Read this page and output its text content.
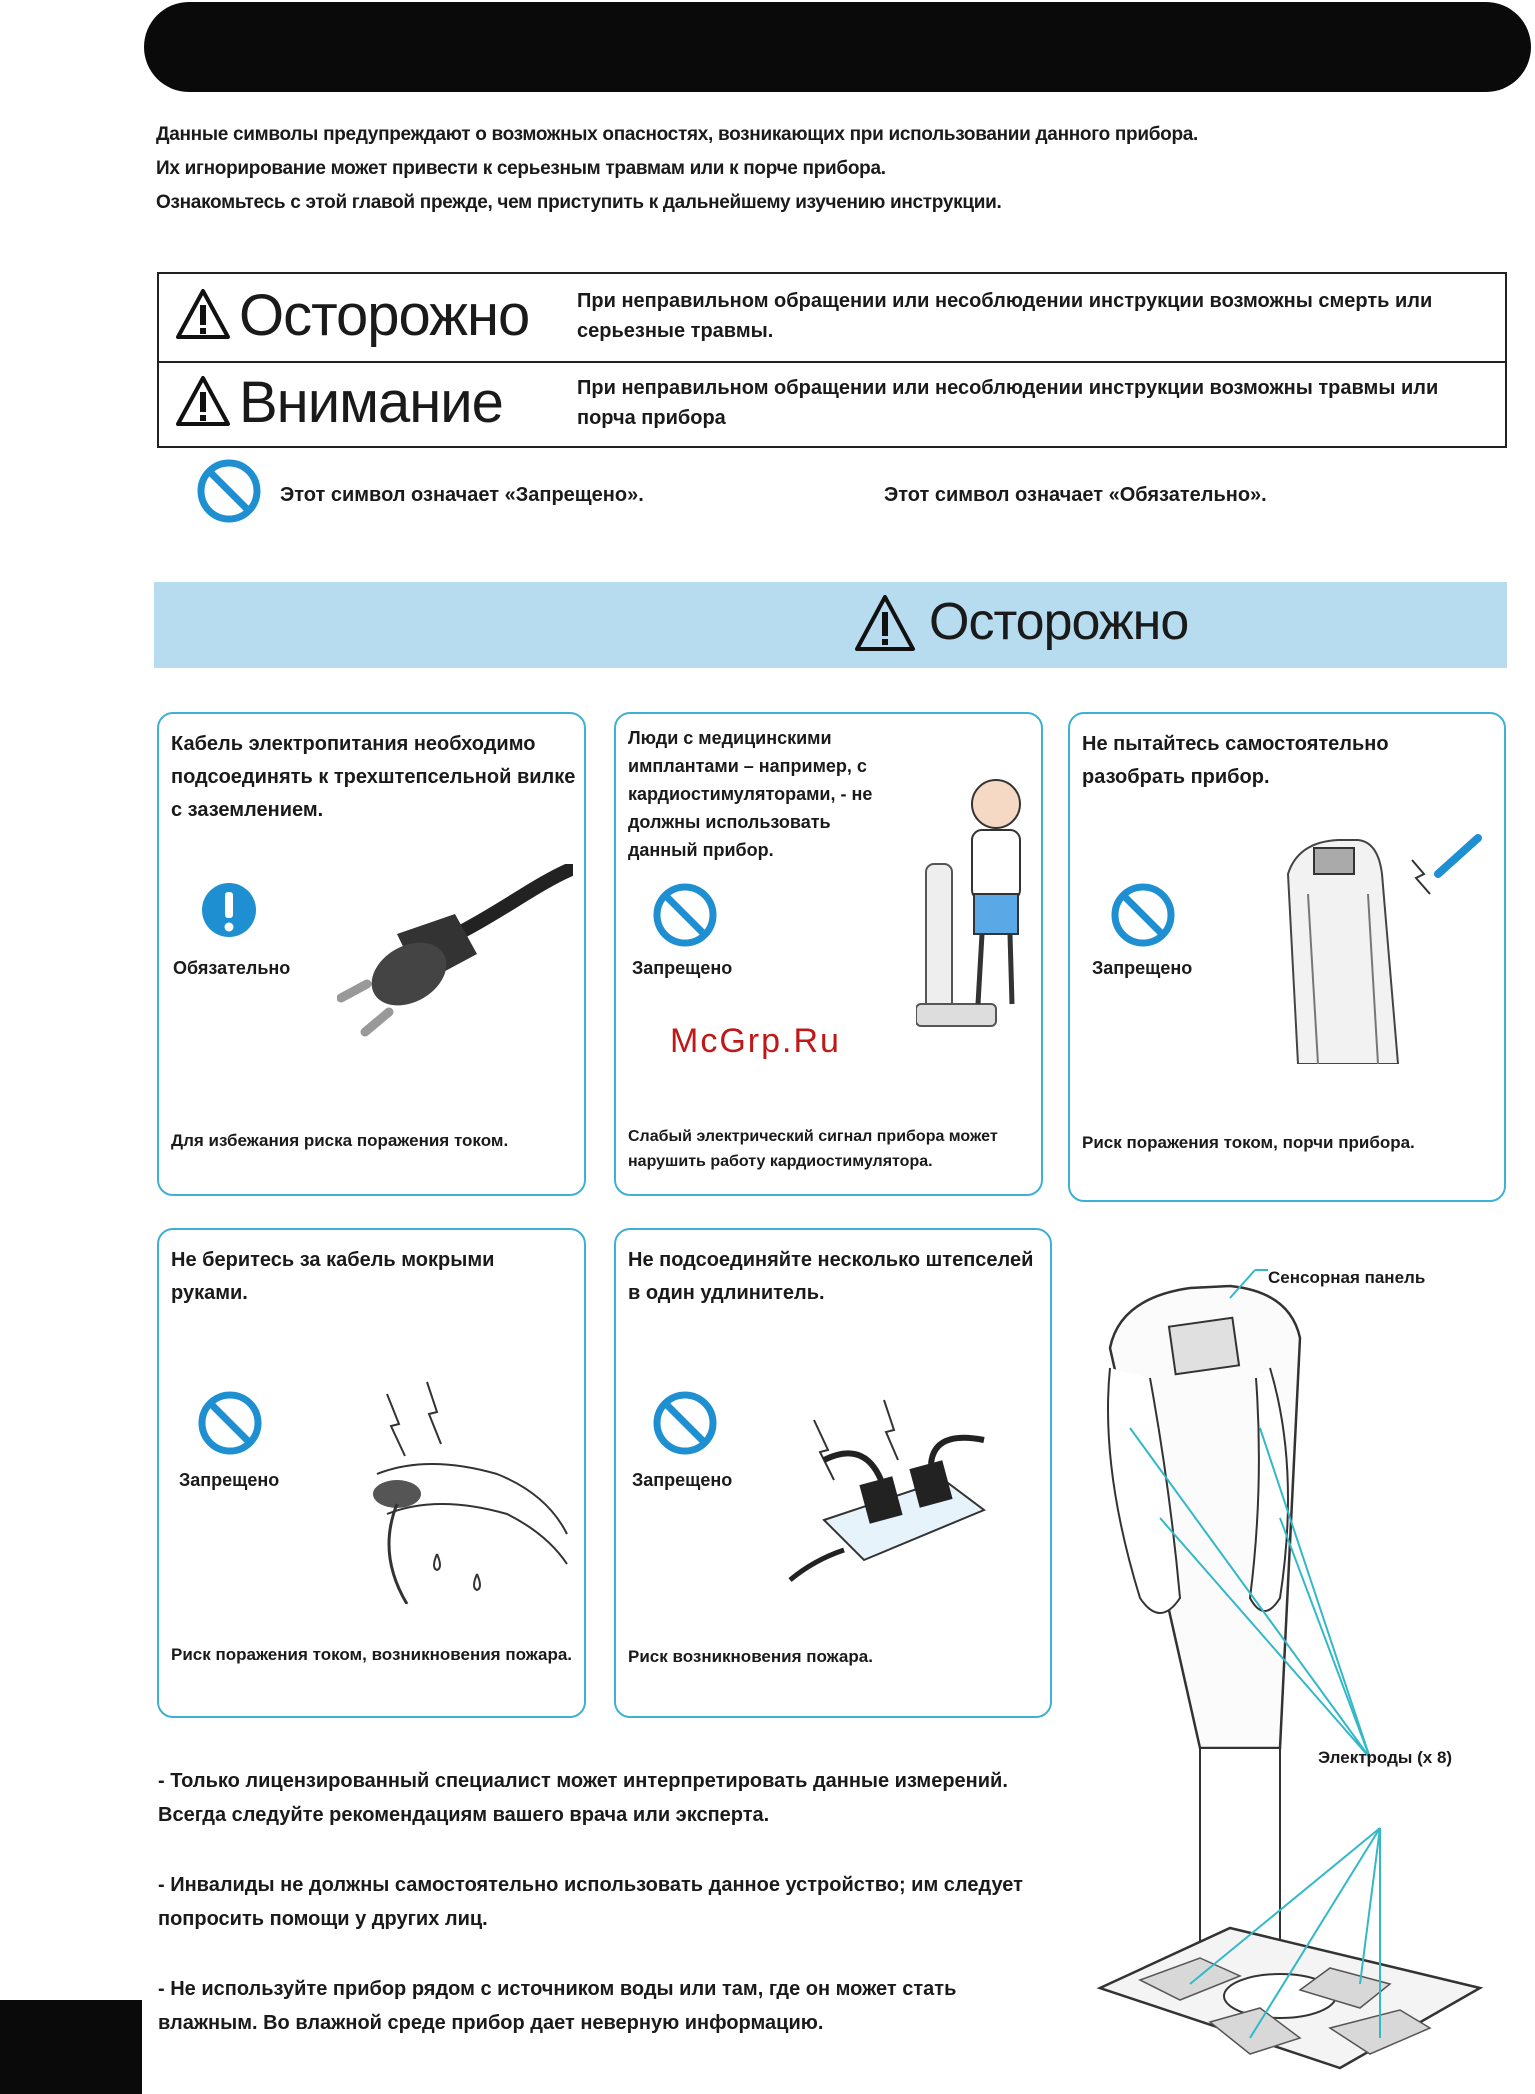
Данные символы предупреждают о возможных опасностях, возникающих при использовании данного прибора.

Их игнорирование может привести к серьезным травмам или к порче прибора.

Ознакомьтесь с этой главой прежде, чем приступить к дальнейшему изучению инструкции.

Осторожно При неправильном обращении или несоблюдении инструкции возможны смерть или серьезные травмы.
Внимание	При неправильном обращении или несоблюдении инструкции возможны травмы или порча прибора
Этот символ означает «Запрещено».	Этот символ означает «Обязательно».
Осторожно
Кабель электропитания необходимо подсоединять к трехштепсельной вилке с заземлением.
Обязательно
Для избежания риска поражения током.
Люди с медицинскими имплантами – например, с кардиостимуляторами, - не должны использовать данный прибор.
Запрещено
Слабый электрический сигнал прибора может нарушить работу кардиостимулятора.
Не пытайтесь самостоятельно разобрать прибор.
Запрещено
Риск поражения током, порчи прибора.
Не беритесь за кабель мокрыми руками.
Запрещено
Риск поражения током, возникновения пожара.
Не подсоединяйте несколько штепселей в один удлинитель.
Запрещено
Риск возникновения пожара.
Сенсорная панель
Электроды (x 8)
McGrp.Ru

- Только лицензированный специалист может интерпретировать данные измерений. Всегда следуйте рекомендациям вашего врача или эксперта.

- Инвалиды не должны самостоятельно использовать данное устройство; им следует попросить помощи у других лиц.

- Не используйте прибор рядом с источником воды или там, где он может стать влажным. Во влажной среде прибор дает неверную информацию.
